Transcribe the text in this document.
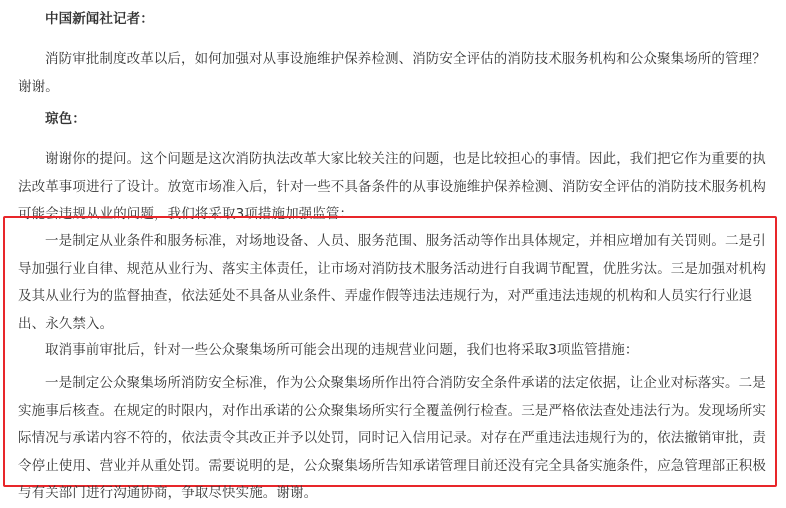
中国新闻社记者：

消防审批制度改革以后，如何加强对从事设施维护保养检测、消防安全评估的消防技术服务机构和公众聚集场所的管理？谢谢。

琼色：

谢谢你的提问。这个问题是这次消防执法改革大家比较关注的问题，也是比较担心的事情。因此，我们把它作为重要的执法改革事项进行了设计。放宽市场准入后，针对一些不具备条件的从事设施维护保养检测、消防安全评估的消防技术服务机构可能会违规从业的问题，我们将采取3项措施加强监管：

一是制定从业条件和服务标准，对场地设备、人员、服务范围、服务活动等作出具体规定，并相应增加有关罚则。二是引导加强行业自律、规范从业行为、落实主体责任，让市场对消防技术服务活动进行自我调节配置，优胜劣汰。三是加强对机构及其从业行为的监督抽查，依法延处不具备从业条件、弄虚作假等违法违规行为，对严重违法违规的机构和人员实行行业退出、永久禁入。

取消事前审批后，针对一些公众聚集场所可能会出现的违规营业问题，我们也将采取3项监管措施：

一是制定公众聚集场所消防安全标准，作为公众聚集场所作出符合消防安全条件承诺的法定依据，让企业对标落实。二是实施事后核查。在规定的时限内，对作出承诺的公众聚集场所实行全覆盖例行检查。三是严格依法查处违法行为。发现场所实际情况与承诺内容不符的，依法责令其改正并予以处罚，同时记入信用记录。对存在严重违法违规行为的，依法撤销审批，责令停止使用、营业并从重处罚。需要说明的是，公众聚集场所告知承诺管理目前还没有完全具备实施条件，应急管理部正积极与有关部门进行沟通协商，争取尽快实施。谢谢。
